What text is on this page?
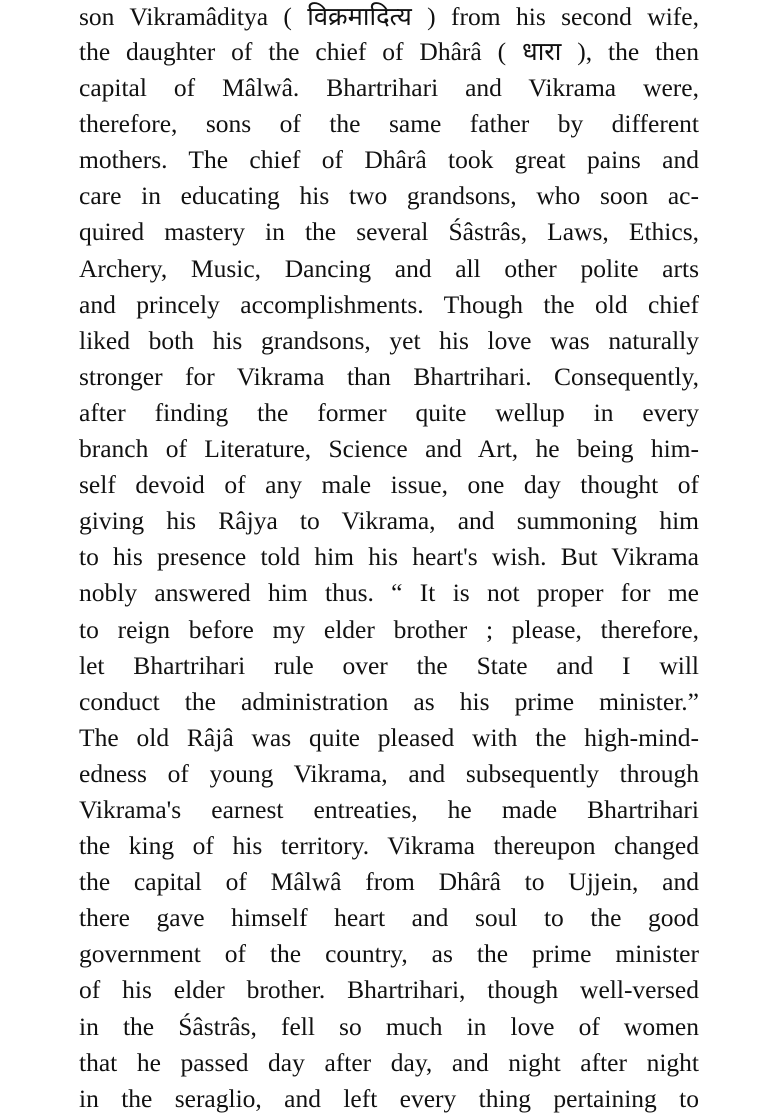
son Vikramâditya ( विक्रमादित्य ) from his second wife,
the daughter of the chief of Dhârâ ( धारा ), the then
capital of Mâlwâ. Bhartrihari and Vikrama were,
therefore, sons of the same father by different
mothers. The chief of Dhârâ took great pains and
care in educating his two grandsons, who soon ac-
quired mastery in the several Śâstrâs, Laws, Ethics,
Archery, Music, Dancing and all other polite arts
and princely accomplishments. Though the old chief
liked both his grandsons, yet his love was naturally
stronger for Vikrama than Bhartrihari. Consequently,
after finding the former quite wellup in every
branch of Literature, Science and Art, he being him-
self devoid of any male issue, one day thought of
giving his Râjya to Vikrama, and summoning him
to his presence told him his heart's wish. But Vikrama
nobly answered him thus. “ It is not proper for me
to reign before my elder brother ; please, therefore,
let Bhartrihari rule over the State and I will
conduct the administration as his prime minister.”
The old Râjâ was quite pleased with the high-mind-
edness of young Vikrama, and subsequently through
Vikrama's earnest entreaties, he made Bhartrihari
the king of his territory. Vikrama thereupon changed
the capital of Mâlwâ from Dhârâ to Ujjein, and
there gave himself heart and soul to the good
government of the country, as the prime minister
of his elder brother. Bhartrihari, though well-versed
in the Śâstrâs, fell so much in love of women
that he passed day after day, and night after night
in the seraglio, and left every thing pertaining to
